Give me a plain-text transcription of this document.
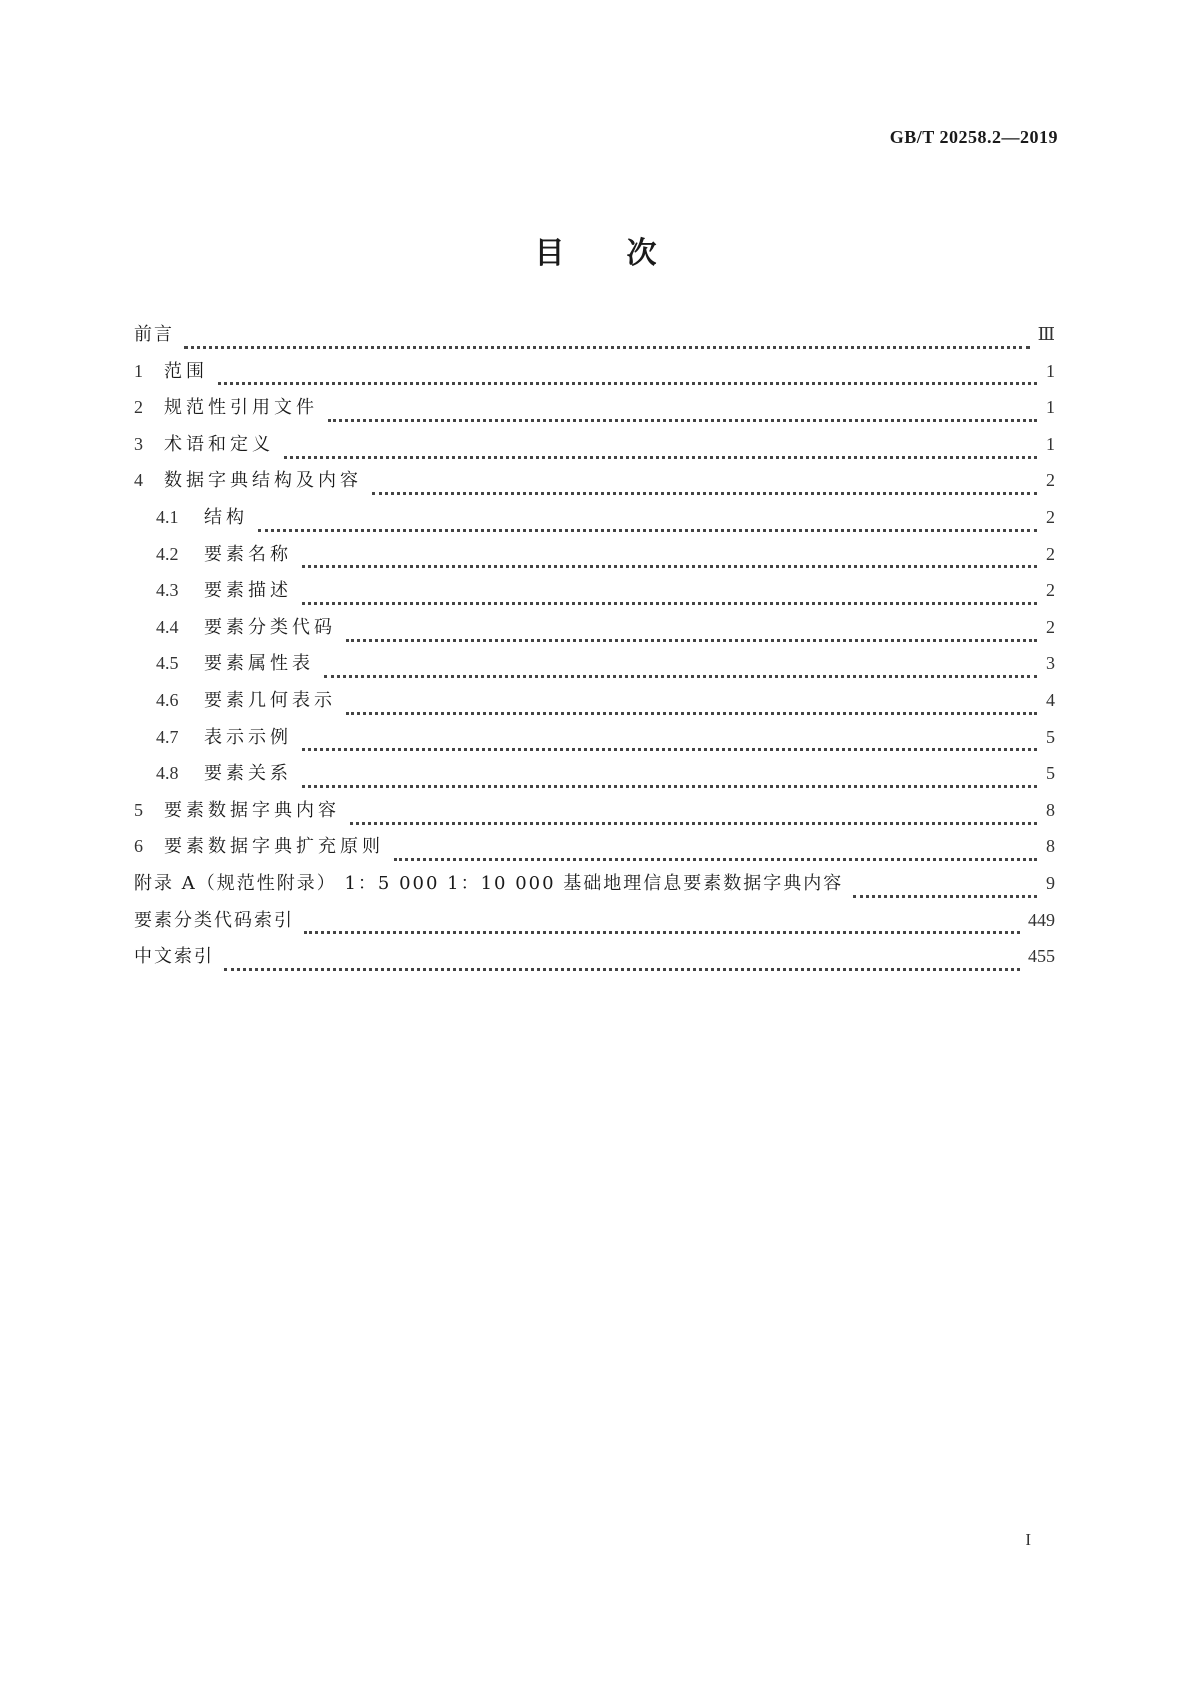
GB/T 20258.2—2019
目 次
前言	Ⅲ
1	范围	1
2	规范性引用文件	1
3	术语和定义	1
4	数据字典结构及内容	2
4.1	结构	2
4.2	要素名称	2
4.3	要素描述	2
4.4	要素分类代码	2
4.5	要素属性表	3
4.6	要素几何表示	4
4.7	表示示例	5
4.8	要素关系	5
5	要素数据字典内容	8
6	要素数据字典扩充原则	8
附录 A（规范性附录） 1：5 000 1：10 000 基础地理信息要素数据字典内容	9
要素分类代码索引	449
中文索引	455
I
